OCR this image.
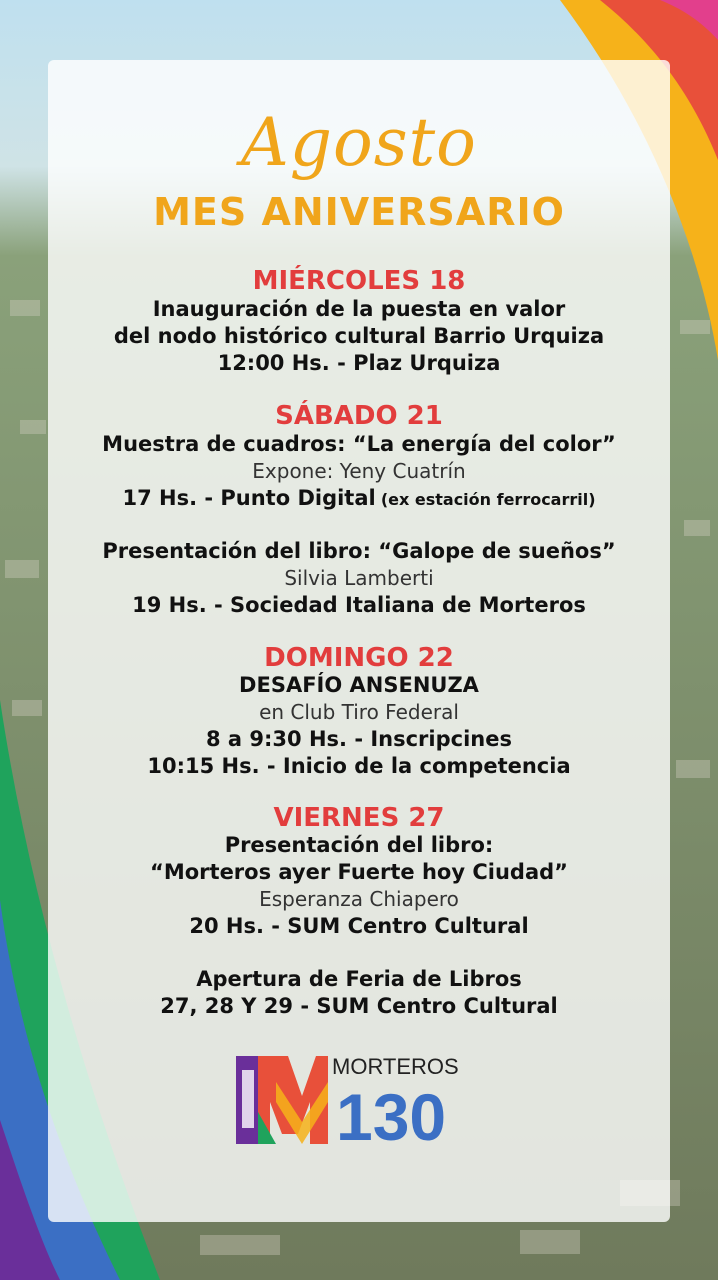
Agosto
MES ANIVERSARIO
MIÉRCOLES 18
Inauguración de la puesta en valor
del nodo histórico cultural Barrio Urquiza
12:00 Hs. - Plaz Urquiza
SÁBADO 21
Muestra de cuadros: “La energía del color”
Expone: Yeny Cuatrín
17 Hs. - Punto Digital (ex estación ferrocarril)
Presentación del libro: “Galope de sueños”
Silvia Lamberti
19 Hs. - Sociedad Italiana de Morteros
DOMINGO 22
DESAFÍO ANSENUZA
en Club Tiro Federal
8 a 9:30 Hs. - Inscripcines
10:15 Hs. - Inicio de la competencia
VIERNES 27
Presentación del libro:
“Morteros ayer Fuerte hoy Ciudad”
Esperanza Chiapero
20 Hs. - SUM Centro Cultural
Apertura de Feria de Libros
27, 28 Y 29 - SUM Centro Cultural
MORTEROS
130
